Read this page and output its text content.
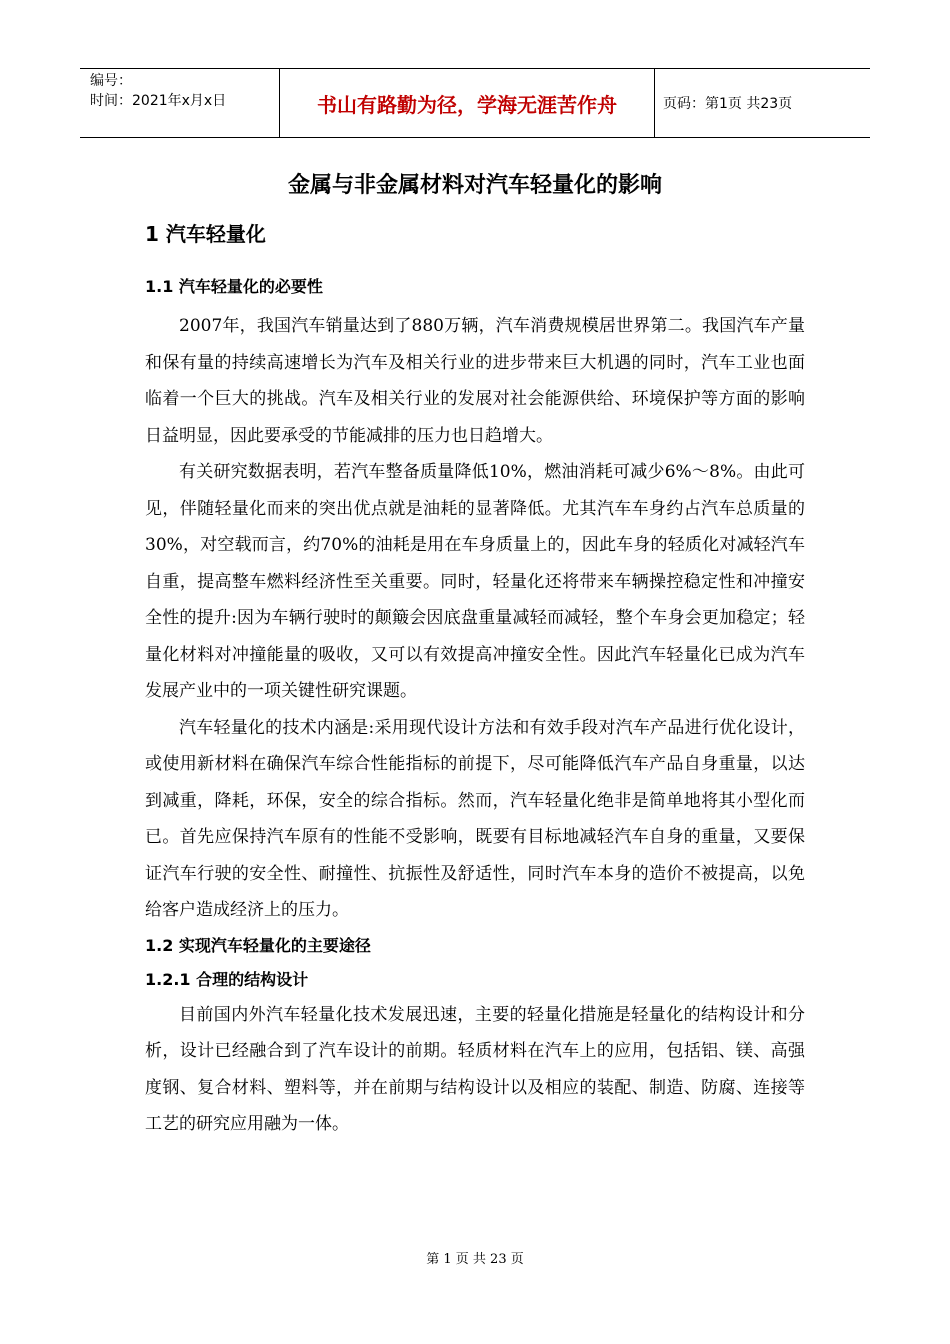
编号：
时间：2021年x月x日	书山有路勤为径，学海无涯苦作舟	页码：第1页 共23页
金属与非金属材料对汽车轻量化的影响
1 汽车轻量化
1.1 汽车轻量化的必要性

2007年，我国汽车销量达到了880万辆，汽车消费规模居世界第二。我国汽车产量和保有量的持续高速增长为汽车及相关行业的进步带来巨大机遇的同时，汽车工业也面临着一个巨大的挑战。汽车及相关行业的发展对社会能源供给、环境保护等方面的影响日益明显，因此要承受的节能减排的压力也日趋增大。

有关研究数据表明，若汽车整备质量降低10%，燃油消耗可减少6%～8%。由此可见，伴随轻量化而来的突出优点就是油耗的显著降低。尤其汽车车身约占汽车总质量的30%，对空载而言，约70%的油耗是用在车身质量上的，因此车身的轻质化对减轻汽车自重，提高整车燃料经济性至关重要。同时，轻量化还将带来车辆操控稳定性和冲撞安全性的提升:因为车辆行驶时的颠簸会因底盘重量减轻而减轻，整个车身会更加稳定；轻量化材料对冲撞能量的吸收，又可以有效提高冲撞安全性。因此汽车轻量化已成为汽车发展产业中的一项关键性研究课题。

汽车轻量化的技术内涵是:采用现代设计方法和有效手段对汽车产品进行优化设计，或使用新材料在确保汽车综合性能指标的前提下，尽可能降低汽车产品自身重量，以达到减重，降耗，环保，安全的综合指标。然而，汽车轻量化绝非是简单地将其小型化而已。首先应保持汽车原有的性能不受影响，既要有目标地减轻汽车自身的重量，又要保证汽车行驶的安全性、耐撞性、抗振性及舒适性，同时汽车本身的造价不被提高，以免给客户造成经济上的压力。

1.2 实现汽车轻量化的主要途径
1.2.1 合理的结构设计

目前国内外汽车轻量化技术发展迅速，主要的轻量化措施是轻量化的结构设计和分析，设计已经融合到了汽车设计的前期。轻质材料在汽车上的应用，包括铝、镁、高强度钢、复合材料、塑料等，并在前期与结构设计以及相应的装配、制造、防腐、连接等工艺的研究应用融为一体。

第 1 页 共 23 页
